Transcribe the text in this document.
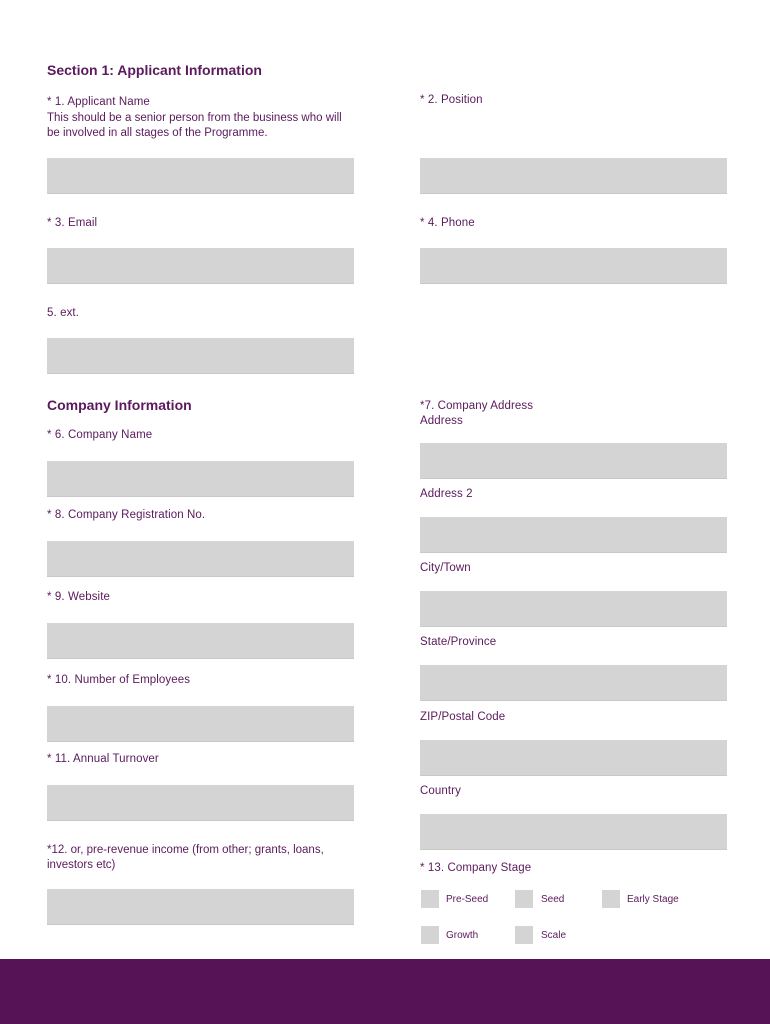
Section 1: Applicant Information
* 1. Applicant Name
This should be a senior person from the business who will be involved in all stages of the Programme.
* 2. Position
* 3. Email	* 4. Phone
5. ext.
Company Information
* 6. Company Name
* 8. Company Registration No.
* 9. Website
* 10. Number of Employees
* 11. Annual Turnover
*12. or, pre-revenue income (from other; grants, loans, investors etc)
*7. Company Address
Address
Address 2
City/Town
State/Province
ZIP/Postal Code
Country
* 13. Company Stage
Pre-Seed	Seed	Early Stage
Growth	Scale
